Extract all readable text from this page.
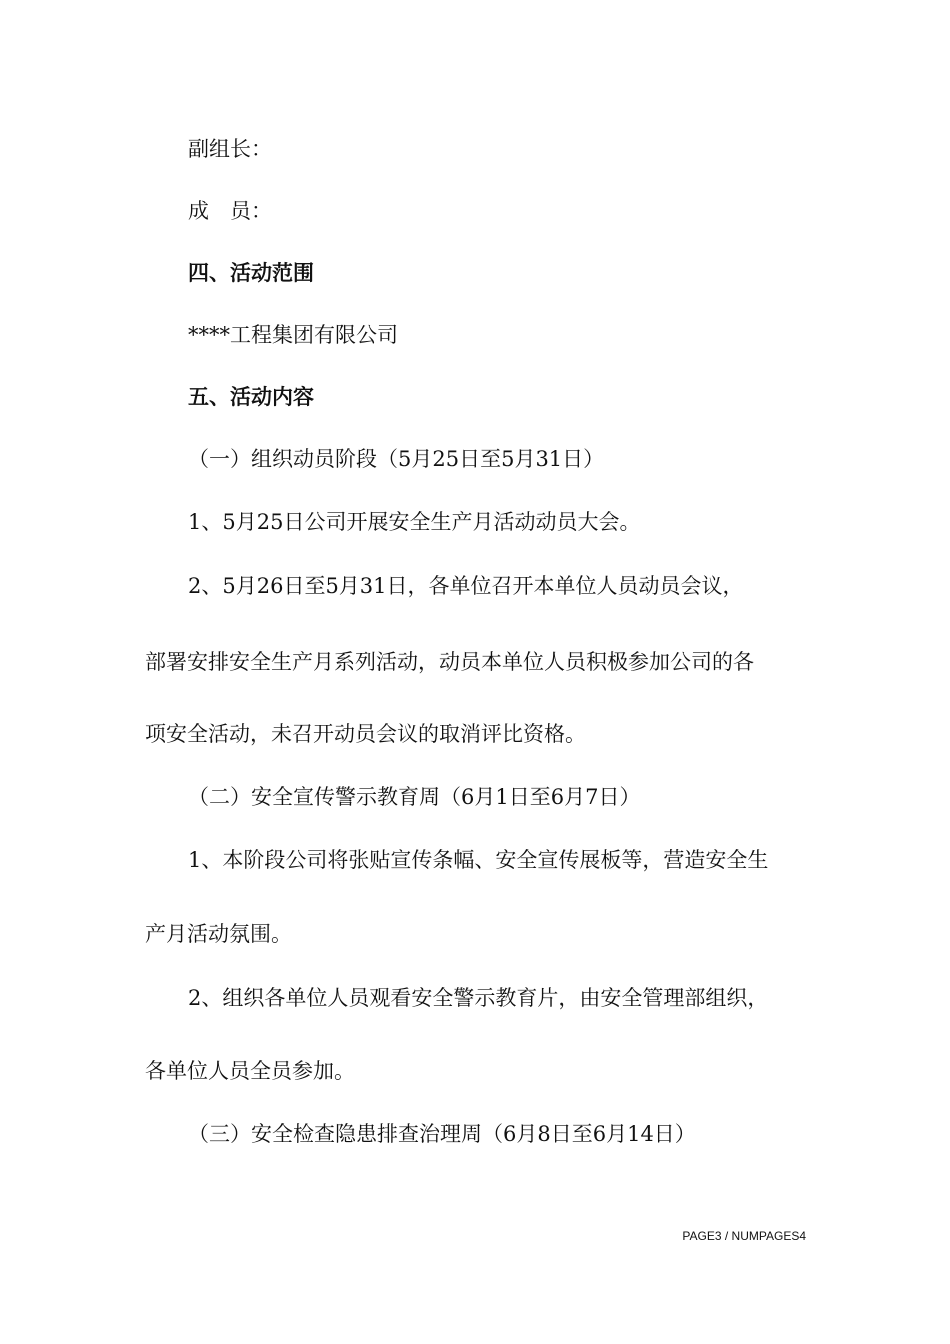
副组长：
成　员：
四、活动范围
****工程集团有限公司
五、活动内容
（一）组织动员阶段（5月25日至5月31日）
1、5月25日公司开展安全生产月活动动员大会。
2、5月26日至5月31日，各单位召开本单位人员动员会议，
部署安排安全生产月系列活动，动员本单位人员积极参加公司的各
项安全活动，未召开动员会议的取消评比资格。
（二）安全宣传警示教育周（6月1日至6月7日）
1、本阶段公司将张贴宣传条幅、安全宣传展板等，营造安全生
产月活动氛围。
2、组织各单位人员观看安全警示教育片，由安全管理部组织，
各单位人员全员参加。
（三）安全检查隐患排查治理周（6月8日至6月14日）
PAGE3 / NUMPAGES4
